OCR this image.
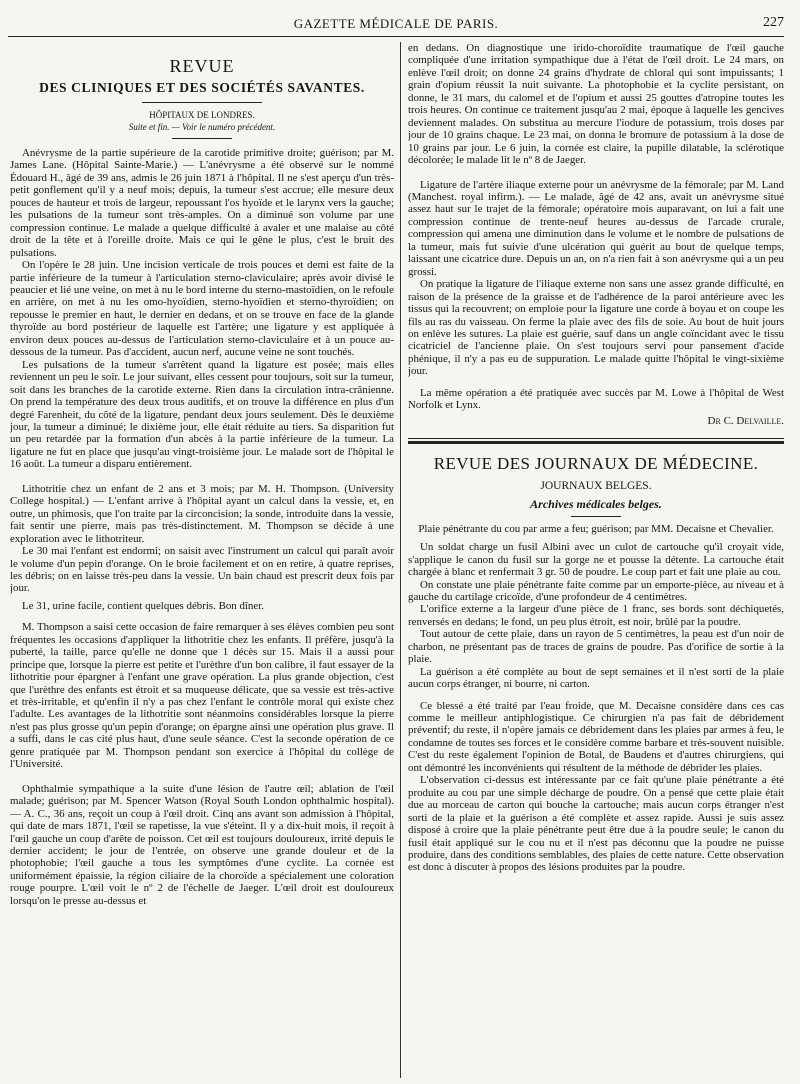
GAZETTE MÉDICALE DE PARIS.	227
REVUE
DES CLINIQUES ET DES SOCIÉTÉS SAVANTES.
HÔPITAUX DE LONDRES.
Suite et fin. — Voir le numéro précédent.

Anévrysme de la partie supérieure de la carotide primitive droite; guérison; par M. James Lane. (Hôpital Sainte-Marie.) — L'anévrysme a été observé sur le nommé Édouard H., âgé de 39 ans, admis le 26 juin 1871 à l'hôpital. Il ne s'est aperçu d'un très-petit gonflement qu'il y a neuf mois; depuis, la tumeur s'est accrue; elle mesure deux pouces de hauteur et trois de largeur, repoussant l'os hyoïde et le larynx vers la gauche; les pulsations de la tumeur sont très-amples. On a diminué son volume par une compression continue. Le malade a quelque difficulté à avaler et une malaise au côté droit de la tête et à l'oreille droite. Mais ce qui le gêne le plus, c'est le bruit des pulsations.

On l'opère le 28 juin. Une incision verticale de trois pouces et demi est faite de la partie inférieure de la tumeur à l'articulation sterno-claviculaire; après avoir divisé le peaucier et lié une veine, on met à nu le bord interne du sterno-mastoïdien, on le refoule en arrière, on met à nu les omo-hyoïdien, sterno-hyoïdien et sterno-thyroïdien; on repousse le premier en haut, le dernier en dedans, et on se trouve en face de la glande thyroïde au bord postérieur de laquelle est l'artère; une ligature y est appliquée à environ deux pouces au-dessus de l'articulation sterno-claviculaire et à un pouce au-dessous de la tumeur. Pas d'accident, aucun nerf, aucune veine ne sont touchés.

Les pulsations de la tumeur s'arrêtent quand la ligature est posée; mais elles reviennent un peu le soir. Le jour suivant, elles cessent pour toujours, soit sur la tumeur, soit dans les branches de la carotide externe. Rien dans la circulation intra-crânienne. On prend la température des deux trous auditifs, et on trouve la différence en plus d'un degré Farenheit, du côté de la ligature, pendant deux jours seulement. Dès le deuxième jour, la tumeur a diminué; le dixième jour, elle était réduite au tiers. Sa disparition fut un peu retardée par la formation d'un abcès à la partie inférieure de la tumeur. La ligature ne fut en place que jusqu'au vingt-troisième jour. Le malade sort de l'hôpital le 16 août. La tumeur a disparu entièrement.

Lithotritie chez un enfant de 2 ans et 3 mois; par M. H. Thompson. (University College hospital.) — L'enfant arrive à l'hôpital ayant un calcul dans la vessie, et, en outre, un phimosis, que l'on traite par la circoncision; la sonde, introduite dans la vessie, fait sentir une pierre, mais pas très-distinctement. M. Thompson se décide à une exploration avec le lithotriteur.

Le 30 mai l'enfant est endormi; on saisit avec l'instrument un calcul qui paraît avoir le volume d'un pepin d'orange. On le broie facilement et on en retire, à quatre reprises, les débris; on en laisse très-peu dans la vessie. Un bain chaud est prescrit deux fois par jour.

Le 31, urine facile, contient quelques débris. Bon dîner.

M. Thompson a saisi cette occasion de faire remarquer à ses élèves combien peu sont fréquentes les occasions d'appliquer la lithotritie chez les enfants. Il préfère, jusqu'à la puberté, la taille, parce qu'elle ne donne que 1 décès sur 15. Mais il a aussi pour principe que, lorsque la pierre est petite et l'urèthre d'un bon calibre, il faut essayer de la lithotritie pour épargner à l'enfant une grave opération. La plus grande objection, c'est que l'urèthre des enfants est étroit et sa muqueuse délicate, que sa vessie est très-active et très-irritable, et qu'enfin il n'y a pas chez l'enfant le contrôle moral qui existe chez l'adulte. Les avantages de la lithotritie sont néanmoins considérables lorsque la pierre n'est pas plus grosse qu'un pepin d'orange; on épargne ainsi une opération plus grave. Il a suffi, dans le cas cité plus haut, d'une seule séance. C'est la seconde opération de ce genre pratiquée par M. Thompson pendant son exercice à l'hôpital du collège de l'Université.

Ophthalmie sympathique a la suite d'une lésion de l'autre œil; ablation de l'œil malade; guérison; par M. Spencer Watson (Royal South London ophthalmic hospital). — A. C., 36 ans, reçoit un coup à l'œil droit. Cinq ans avant son admission à l'hôpital, qui date de mars 1871, l'œil se rapetisse, la vue s'éteint. Il y a dix-huit mois, il reçoit à l'œil gauche un coup d'arête de poisson. Cet œil est toujours douloureux, irrité depuis le dernier accident; le jour de l'entrée, on observe une grande douleur et de la photophobie; l'œil gauche a tous les symptômes d'une cyclite. La cornée est uniformément épaissie, la région ciliaire de la choroïde a spécialement une coloration rouge pourpre. L'œil voit le nº 2 de l'échelle de Jaeger. L'œil droit est douloureux lorsqu'on le presse au-dessus et

en dedans. On diagnostique une irido-choroïdite traumatique de l'œil gauche compliquée d'une irritation sympathique due à l'état de l'œil droit. Le 24 mars, on enlève l'œil droit; on donne 24 grains d'hydrate de chloral qui sont impuissants; 1 grain d'opium réussit la nuit suivante. La photophobie et la cyclite persistant, on donne, le 31 mars, du calomel et de l'opium et aussi 25 gouttes d'atropine toutes les trois heures. On continue ce traitement jusqu'au 2 mai, époque à laquelle les gencives deviennent malades. On substitua au mercure l'iodure de potassium, trois doses par jour de 10 grains chaque. Le 23 mai, on donna le bromure de potassium à la dose de 10 grains par jour. Le 6 juin, la cornée est claire, la pupille dilatable, la sclérotique décolorée; le malade lit le nº 8 de Jaeger.

Ligature de l'artère iliaque externe pour un anévrysme de la fémorale; par M. Land (Manchest. royal infirm.). — Le malade, âgé de 42 ans, avait un anévrysme situé assez haut sur le trajet de la fémorale; opératoire mois auparavant, on lui a fait une compression continue de trente-neuf heures au-dessus de l'arcade crurale, compression qui amena une diminution dans le volume et le nombre de pulsations de la tumeur, mais fut suivie d'une ulcération qui guérit au bout de quelque temps, laissant une cicatrice dure. Depuis un an, on n'a rien fait à son anévrysme qui a un peu grossi.

On pratique la ligature de l'iliaque externe non sans une assez grande difficulté, en raison de la présence de la graisse et de l'adhérence de la paroi antérieure avec les tissus qui la recouvrent; on emploie pour la ligature une corde à boyau et on coupe les fils au ras du vaisseau. On ferme la plaie avec des fils de soie. Au bout de huit jours on enlève les sutures. La plaie est guérie, sauf dans un angle coïncidant avec le tissu cicatriciel de l'ancienne plaie. On s'est toujours servi pour pansement d'acide phénique, il n'y a pas eu de suppuration. Le malade quitte l'hôpital le vingt-sixième jour.

La même opération a été pratiquée avec succès par M. Lowe à l'hôpital de West Norfolk et Lynx.

Dr C. Delvaille.
REVUE DES JOURNAUX DE MÉDECINE.
JOURNAUX BELGES.
Archives médicales belges.

Plaie pénétrante du cou par arme a feu; guérison; par MM. Decaisne et Chevalier.

Un soldat charge un fusil Albini avec un culot de cartouche qu'il croyait vide, s'applique le canon du fusil sur la gorge ne et pousse la détente. La cartouche était chargée à blanc et renfermait 3 gr. 50 de poudre. Le coup part et fait une plaie au cou.

On constate une plaie pénétrante faite comme par un emporte-pièce, au niveau et à gauche du cartilage cricoïde, d'une profondeur de 4 centimètres.

L'orifice externe a la largeur d'une pièce de 1 franc, ses bords sont déchiquetés, renversés en dedans; le fond, un peu plus étroit, est noir, brûlé par la poudre.

Tout autour de cette plaie, dans un rayon de 5 centimètres, la peau est d'un noir de charbon, ne présentant pas de traces de grains de poudre. Pas d'orifice de sortie à la plaie.

La guérison a été complète au bout de sept semaines et il n'est sorti de la plaie aucun corps étranger, ni bourre, ni carton.

Ce blessé a été traité par l'eau froide, que M. Decaisne considère dans ces cas comme le meilleur antiphlogistique. Ce chirurgien n'a pas fait de débridement préventif; du reste, il n'opère jamais ce débridement dans les plaies par armes à feu, le condamne de toutes ses forces et le considère comme barbare et très-souvent nuisible. C'est du reste également l'opinion de Botal, de Baudens et d'autres chirurgiens, qui ont démontré les inconvénients qui résultent de la méthode de débrider les plaies.

L'observation ci-dessus est intéressante par ce fait qu'une plaie pénétrante a été produite au cou par une simple décharge de poudre. On a pensé que cette plaie était due au morceau de carton qui bouche la cartouche; mais aucun corps étranger n'est sorti de la plaie et la guérison a été complète et assez rapide. Aussi je suis assez disposé à croire que la plaie pénétrante peut être due à la poudre seule; le canon du fusil était appliqué sur le cou nu et il n'est pas déconnu que la poudre ne puisse produire, dans des conditions semblables, des plaies de cette nature. Cette observation est donc à discuter à propos des lésions produites par la poudre.
